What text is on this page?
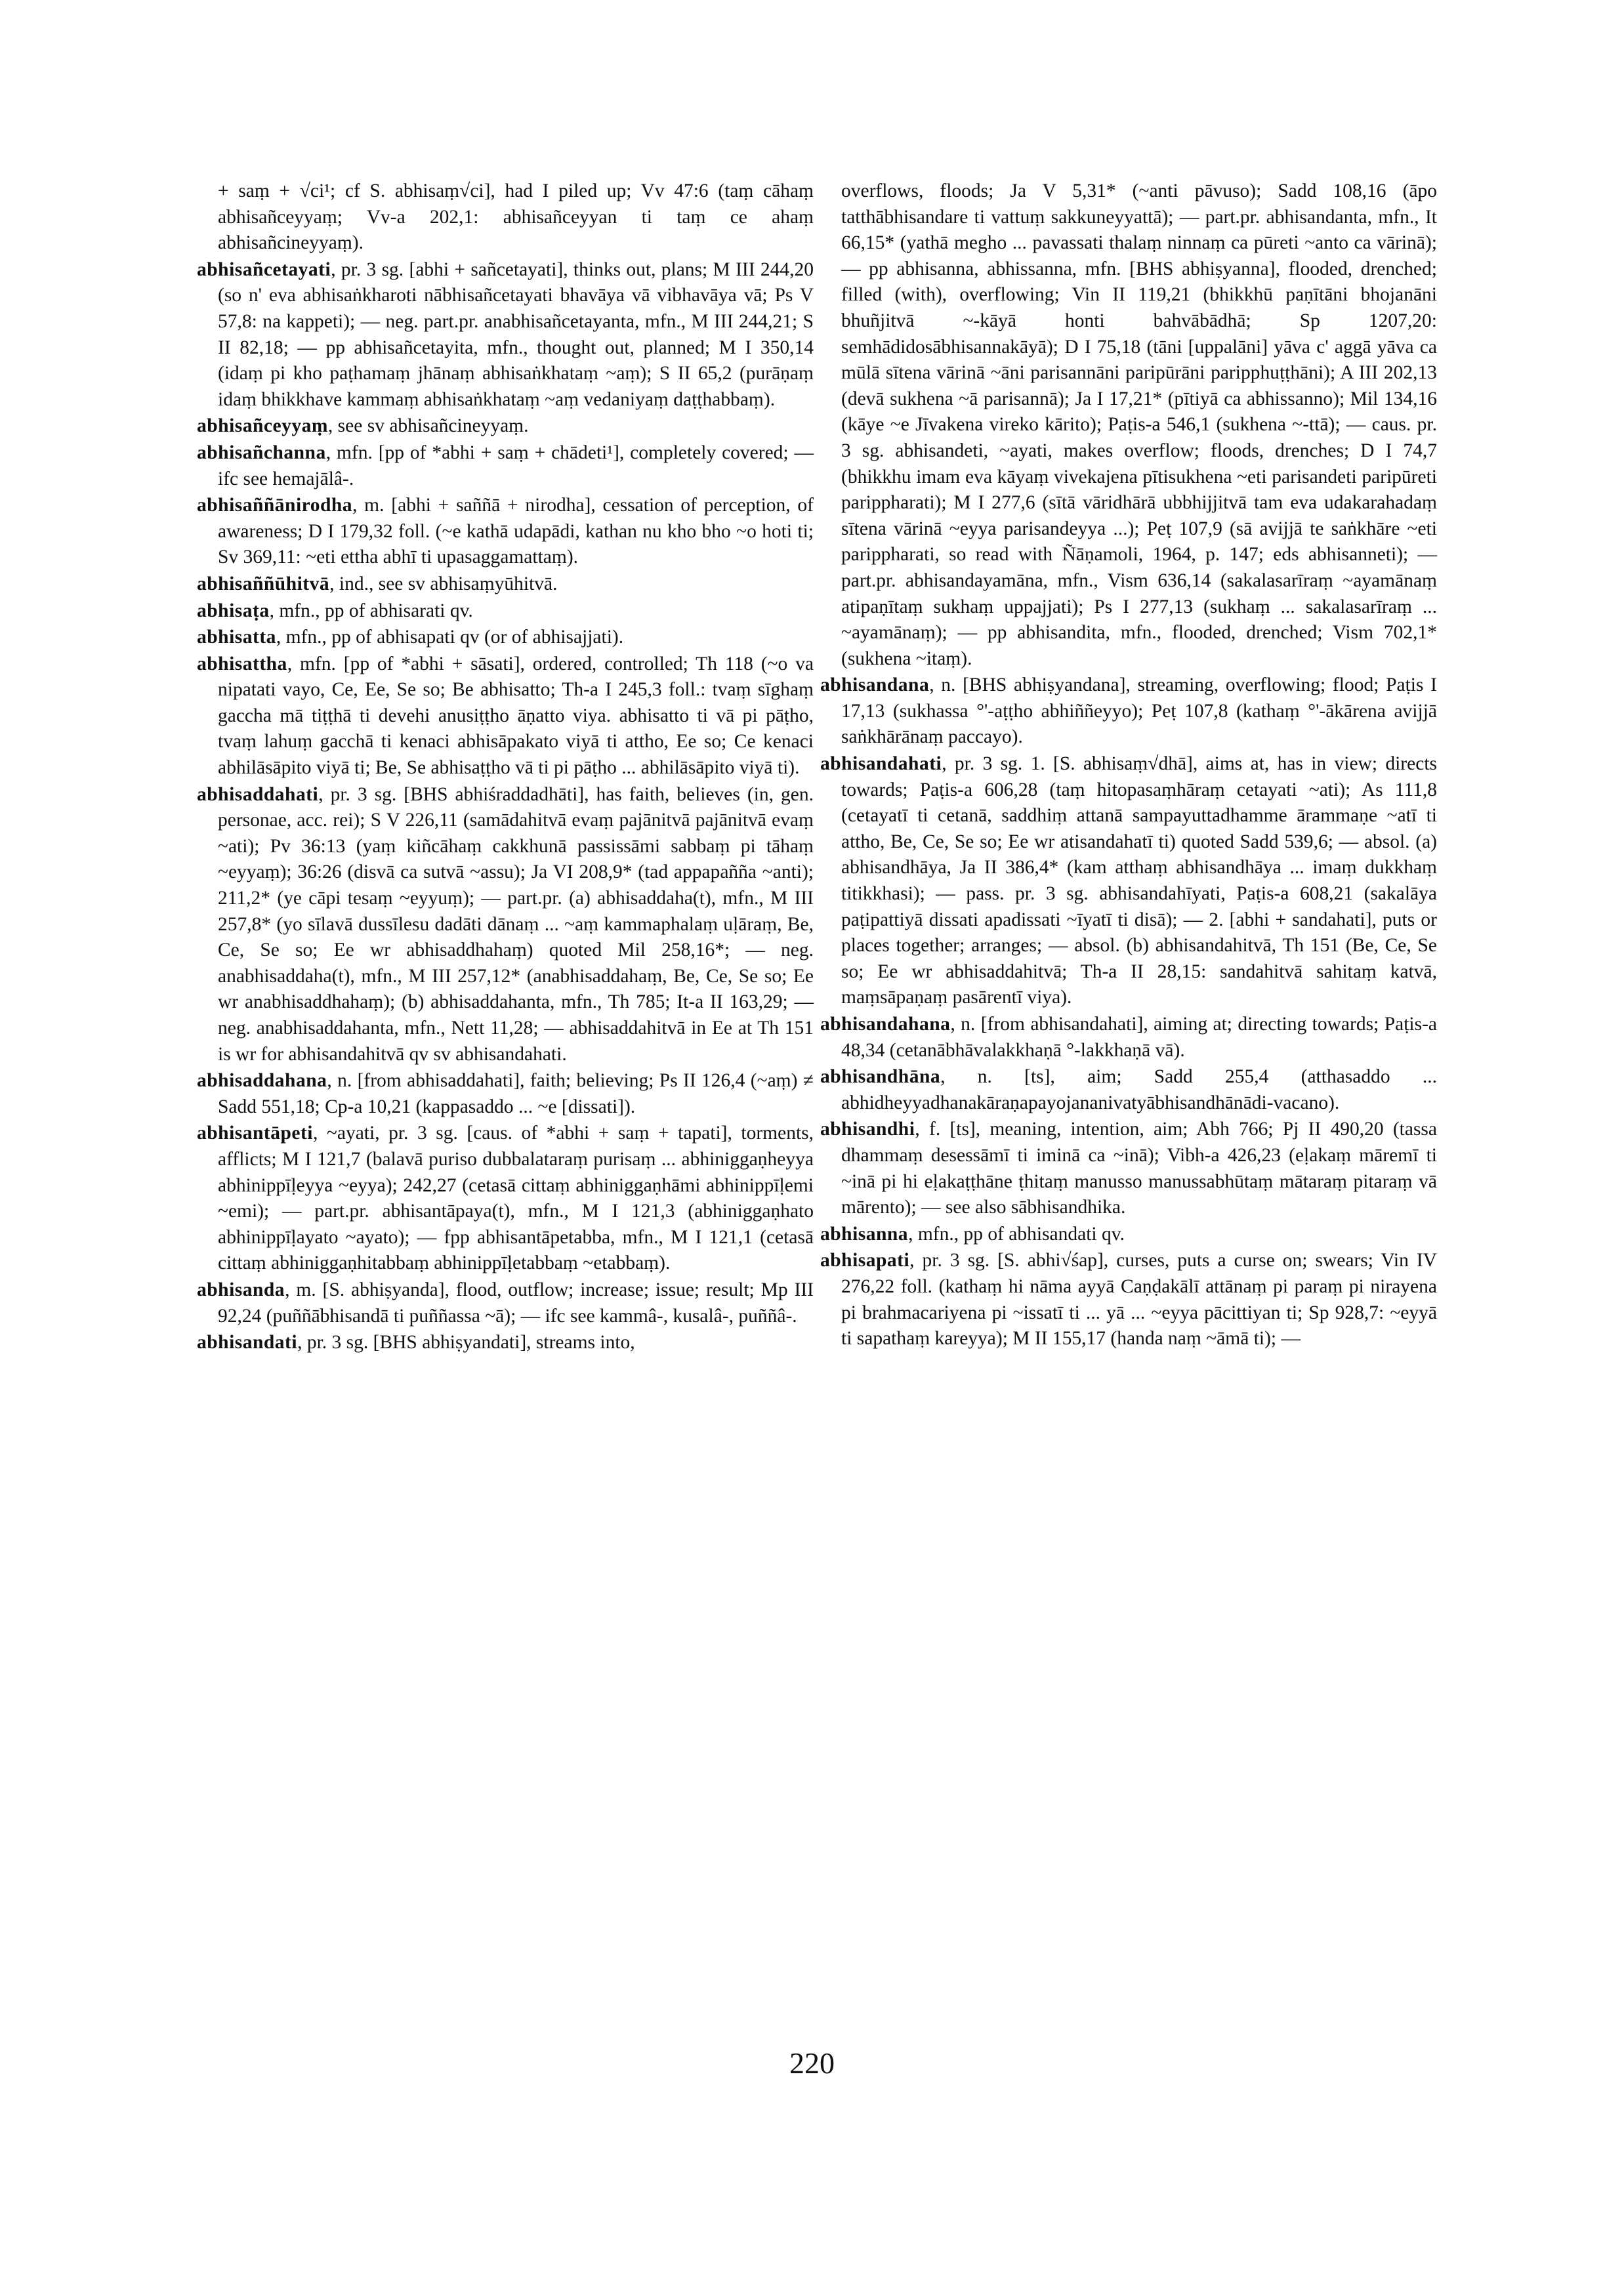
+ saṃ + √ci¹; cf S. abhisaṃ√ci], had I piled up; Vv 47:6 (taṃ cāhaṃ abhisañceyyaṃ; Vv-a 202,1: abhisañceyyan ti taṃ ce ahaṃ abhisañcineyyaṃ).

abhisañcetayati, pr. 3 sg. [abhi + sañcetayati], thinks out, plans; M III 244,20 (so n' eva abhisaṅkharoti nābhisañcetayati bhavāya vā vibhavāya vā; Ps V 57,8: na kappeti); — neg. part.pr. anabhisañcetayanta, mfn., M III 244,21; S II 82,18; — pp abhisañcetayita, mfn., thought out, planned; M I 350,14 (idaṃ pi kho paṭhamaṃ jhānaṃ abhisaṅkhataṃ ~aṃ); S II 65,2 (purāṇaṃ idaṃ bhikkhave kammaṃ abhisaṅkhataṃ ~aṃ vedaniyaṃ daṭṭhabbaṃ).

abhisañceyyaṃ, see sv abhisañcineyyaṃ.

abhisañchanna, mfn. [pp of *abhi + saṃ + chādeti¹], completely covered; — ifc see hemajālâ-.

abhisaññānirodha, m. [abhi + saññā + nirodha], cessation of perception, of awareness; D I 179,32 foll. (~e kathā udapādi, kathan nu kho bho ~o hoti ti; Sv 369,11: ~eti ettha abhī ti upasaggamattaṃ).

abhisaññūhitvā, ind., see sv abhisaṃyūhitvā.

abhisaṭa, mfn., pp of abhisarati qv.

abhisatta, mfn., pp of abhisapati qv (or of abhisajjati).

abhisattha, mfn. [pp of *abhi + sāsati], ordered, controlled; Th 118 (~o va nipatati vayo, Ce, Ee, Se so; Be abhisatto; Th-a I 245,3 foll.: tvaṃ sīghaṃ gaccha mā tiṭṭhā ti devehi anusiṭṭho āṇatto viya. abhisatto ti vā pi pāṭho, tvaṃ lahuṃ gacchā ti kenaci abhisāpakato viyā ti attho, Ee so; Ce kenaci abhilāsāpito viyā ti; Be, Se abhisaṭṭho vā ti pi pāṭho ... abhilāsāpito viyā ti).

abhisaddahati, pr. 3 sg. [BHS abhiśraddadhāti], has faith, believes (in, gen. personae, acc. rei); S V 226,11 (samādahitvā evaṃ pajānitvā pajānitvā evaṃ ~ati); Pv 36:13 (yaṃ kiñcāhaṃ cakkhunā passissāmi sabbaṃ pi tāhaṃ ~eyyaṃ); 36:26 (disvā ca sutvā ~assu); Ja VI 208,9* (tad appapañña ~anti); 211,2* (ye cāpi tesaṃ ~eyyuṃ); — part.pr. (a) abhisaddaha(t), mfn., M III 257,8* (yo sīlavā dussīlesu dadāti dānaṃ ... ~aṃ kammaphalaṃ uḷāraṃ, Be, Ce, Se so; Ee wr abhisaddhahaṃ) quoted Mil 258,16*; — neg. anabhisaddaha(t), mfn., M III 257,12* (anabhisaddahaṃ, Be, Ce, Se so; Ee wr anabhisaddhahaṃ); (b) abhisaddahanta, mfn., Th 785; It-a II 163,29; — neg. anabhisaddahanta, mfn., Nett 11,28; — abhisaddahitvā in Ee at Th 151 is wr for abhisandahitvā qv sv abhisandahati.

abhisaddahana, n. [from abhisaddahati], faith; believing; Ps II 126,4 (~aṃ) ≠ Sadd 551,18; Cp-a 10,21 (kappasaddo ... ~e [dissati]).

abhisantāpeti, ~ayati, pr. 3 sg. [caus. of *abhi + saṃ + tapati], torments, afflicts; M I 121,7 (balavā puriso dubbalataraṃ purisaṃ ... abhiniggaṇheyya abhinippīḷeyya ~eyya); 242,27 (cetasā cittaṃ abhiniggaṇhāmi abhinippīḷemi ~emi); — part.pr. abhisantāpaya(t), mfn., M I 121,3 (abhiniggaṇhato abhinippīḷayato ~ayato); — fpp abhisantāpetabba, mfn., M I 121,1 (cetasā cittaṃ abhiniggaṇhitabbaṃ abhinippīḷetabbaṃ ~etabbaṃ).

abhisanda, m. [S. abhiṣyanda], flood, outflow; increase; issue; result; Mp III 92,24 (puññābhisandā ti puññassa ~ā); — ifc see kammâ-, kusalâ-, puññâ-.

abhisandati, pr. 3 sg. [BHS abhiṣyandati], streams into,

overflows, floods; Ja V 5,31* (~anti pāvuso); Sadd 108,16 (āpo tatthābhisandare ti vattuṃ sakkuneyyattā); — part.pr. abhisandanta, mfn., It 66,15* (yathā megho ... pavassati thalaṃ ninnaṃ ca pūreti ~anto ca vārinā); — pp abhisanna, abhissanna, mfn. [BHS abhiṣyanna], flooded, drenched; filled (with), overflowing; Vin II 119,21 (bhikkhū paṇītāni bhojanāni bhuñjitvā ~-kāyā honti bahvābādhā; Sp 1207,20: semhādidosābhisannakāyā); D I 75,18 (tāni [uppalāni] yāva c' aggā yāva ca mūlā sītena vārinā ~āni parisannāni paripūrāni paripphuṭṭhāni); A III 202,13 (devā sukhena ~ā parisannā); Ja I 17,21* (pītiyā ca abhissanno); Mil 134,16 (kāye ~e Jīvakena vireko kārito); Paṭis-a 546,1 (sukhena ~-ttā); — caus. pr. 3 sg. abhisandeti, ~ayati, makes overflow; floods, drenches; D I 74,7 (bhikkhu imam eva kāyaṃ vivekajena pītisukhena ~eti parisandeti paripūreti parippharati); M I 277,6 (sītā vāridhārā ubbhijjitvā tam eva udakarahadaṃ sītena vārinā ~eyya parisandeyya ...); Peṭ 107,9 (sā avijjā te saṅkhāre ~eti parippharati, so read with Ñāṇamoli, 1964, p. 147; eds abhisanneti); — part.pr. abhisandayamāna, mfn., Vism 636,14 (sakalasarīraṃ ~ayamānaṃ atipaṇītaṃ sukhaṃ uppajjati); Ps I 277,13 (sukhaṃ ... sakalasarīraṃ ... ~ayamānaṃ); — pp abhisandita, mfn., flooded, drenched; Vism 702,1* (sukhena ~itaṃ).

abhisandana, n. [BHS abhiṣyandana], streaming, overflowing; flood; Paṭis I 17,13 (sukhassa °'-aṭṭho abhiññeyyo); Peṭ 107,8 (kathaṃ °'-ākārena avijjā saṅkhārānaṃ paccayo).

abhisandahati, pr. 3 sg. 1. [S. abhisaṃ√dhā], aims at, has in view; directs towards; Paṭis-a 606,28 (taṃ hitopasaṃhāraṃ cetayati ~ati); As 111,8 (cetayatī ti cetanā, saddhiṃ attanā sampayuttadhamme ārammaṇe ~atī ti attho, Be, Ce, Se so; Ee wr atisandahatī ti) quoted Sadd 539,6; — absol. (a) abhisandhāya, Ja II 386,4* (kam atthaṃ abhisandhāya ... imaṃ dukkhaṃ titikkhasi); — pass. pr. 3 sg. abhisandahīyati, Paṭis-a 608,21 (sakalāya paṭipattiyā dissati apadissati ~īyatī ti disā); — 2. [abhi + sandahati], puts or places together; arranges; — absol. (b) abhisandahitvā, Th 151 (Be, Ce, Se so; Ee wr abhisaddahitvā; Th-a II 28,15: sandahitvā sahitaṃ katvā, maṃsāpaṇaṃ pasārentī viya).

abhisandahana, n. [from abhisandahati], aiming at; directing towards; Paṭis-a 48,34 (cetanābhāvalakkhaṇā °-lakkhaṇā vā).

abhisandhāna, n. [ts], aim; Sadd 255,4 (atthasaddo ... abhidheyyadhanakāraṇapayojananivatyābhisandhānādi-vacano).

abhisandhi, f. [ts], meaning, intention, aim; Abh 766; Pj II 490,20 (tassa dhammaṃ desessāmī ti iminā ca ~inā); Vibh-a 426,23 (eḷakaṃ māremī ti ~inā pi hi eḷakaṭṭhāne ṭhitaṃ manusso manussabhūtaṃ mātaraṃ pitaraṃ vā mārento); — see also sābhisandhika.

abhisanna, mfn., pp of abhisandati qv.

abhisapati, pr. 3 sg. [S. abhi√śap], curses, puts a curse on; swears; Vin IV 276,22 foll. (kathaṃ hi nāma ayyā Caṇḍakālī attānaṃ pi paraṃ pi nirayena pi brahmacariyena pi ~issatī ti ... yā ... ~eyya pācittiyan ti; Sp 928,7: ~eyyā ti sapathaṃ kareyya); M II 155,17 (handa naṃ ~āmā ti); —

220
